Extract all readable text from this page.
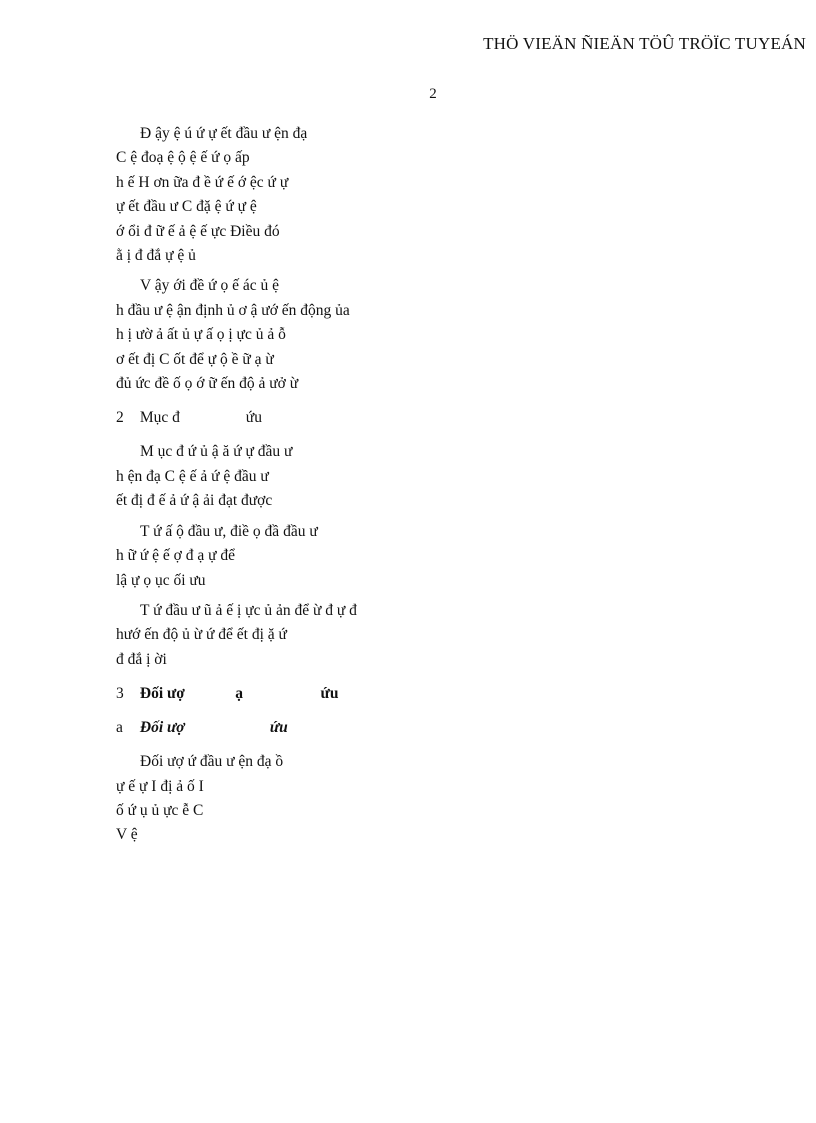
THÖ VIEÄN ÑIEÄN TÖÛ TRÖÏC TUYEÁN
2

Đ ậy ệ ú ứ ự ết đầu ư ện đạ
C ệ đoạ ệ ộ ệ ế ứ ọ ấp
h ế H ơn ữa đ ề ứ ế ớ ệc ứ ự
ự ết đầu ư C đặ ệ ứ ự ệ
ớ ổi đ ữ ế ả ệ ế ực Điều đó
ằ ị đ đắ ự ệ ủ

V ậy ới đề ứ ọ ế ác ủ ệ
h đầu ư ệ ận định ủ ơ ậ ướ ến động ủa
h ị ườ ả ất ủ ự ấ ọ ị ực ủ ả ỗ
ơ ết đị C ốt để ự ộ ề ữ ạ ừ
đủ ức đề ố ọ ớ ữ ến độ ả ưở ừ

2 Mục đ	ứu

M ục đ ứ ủ ậ ă ứ ự đầu ư
h ện đạ C ệ ế ả ứ ệ đầu ư
ết đị đ ế ả ứ ậ ải đạt được

T ứ ấ ộ đầu ư, điề ọ đầ đầu ư
h ữ ứ ệ ế ợ đ ạ ự để
lậ ự ọ ục ối ưu

T ứ đầu ư ũ ả ế ị ực ủ ản để ừ đ ự đ
hướ ến độ ủ ừ ứ để ết đị ặ ứ
đ đắ ị ời

3 Đối ượ	ạ	ứu
a Đối ượ	ứu

Đối ượ ứ đầu ư ện đạ ồ
ự ế ự I đị ả ố I
ố ứ ụ ủ ực ễ C
V ệ
